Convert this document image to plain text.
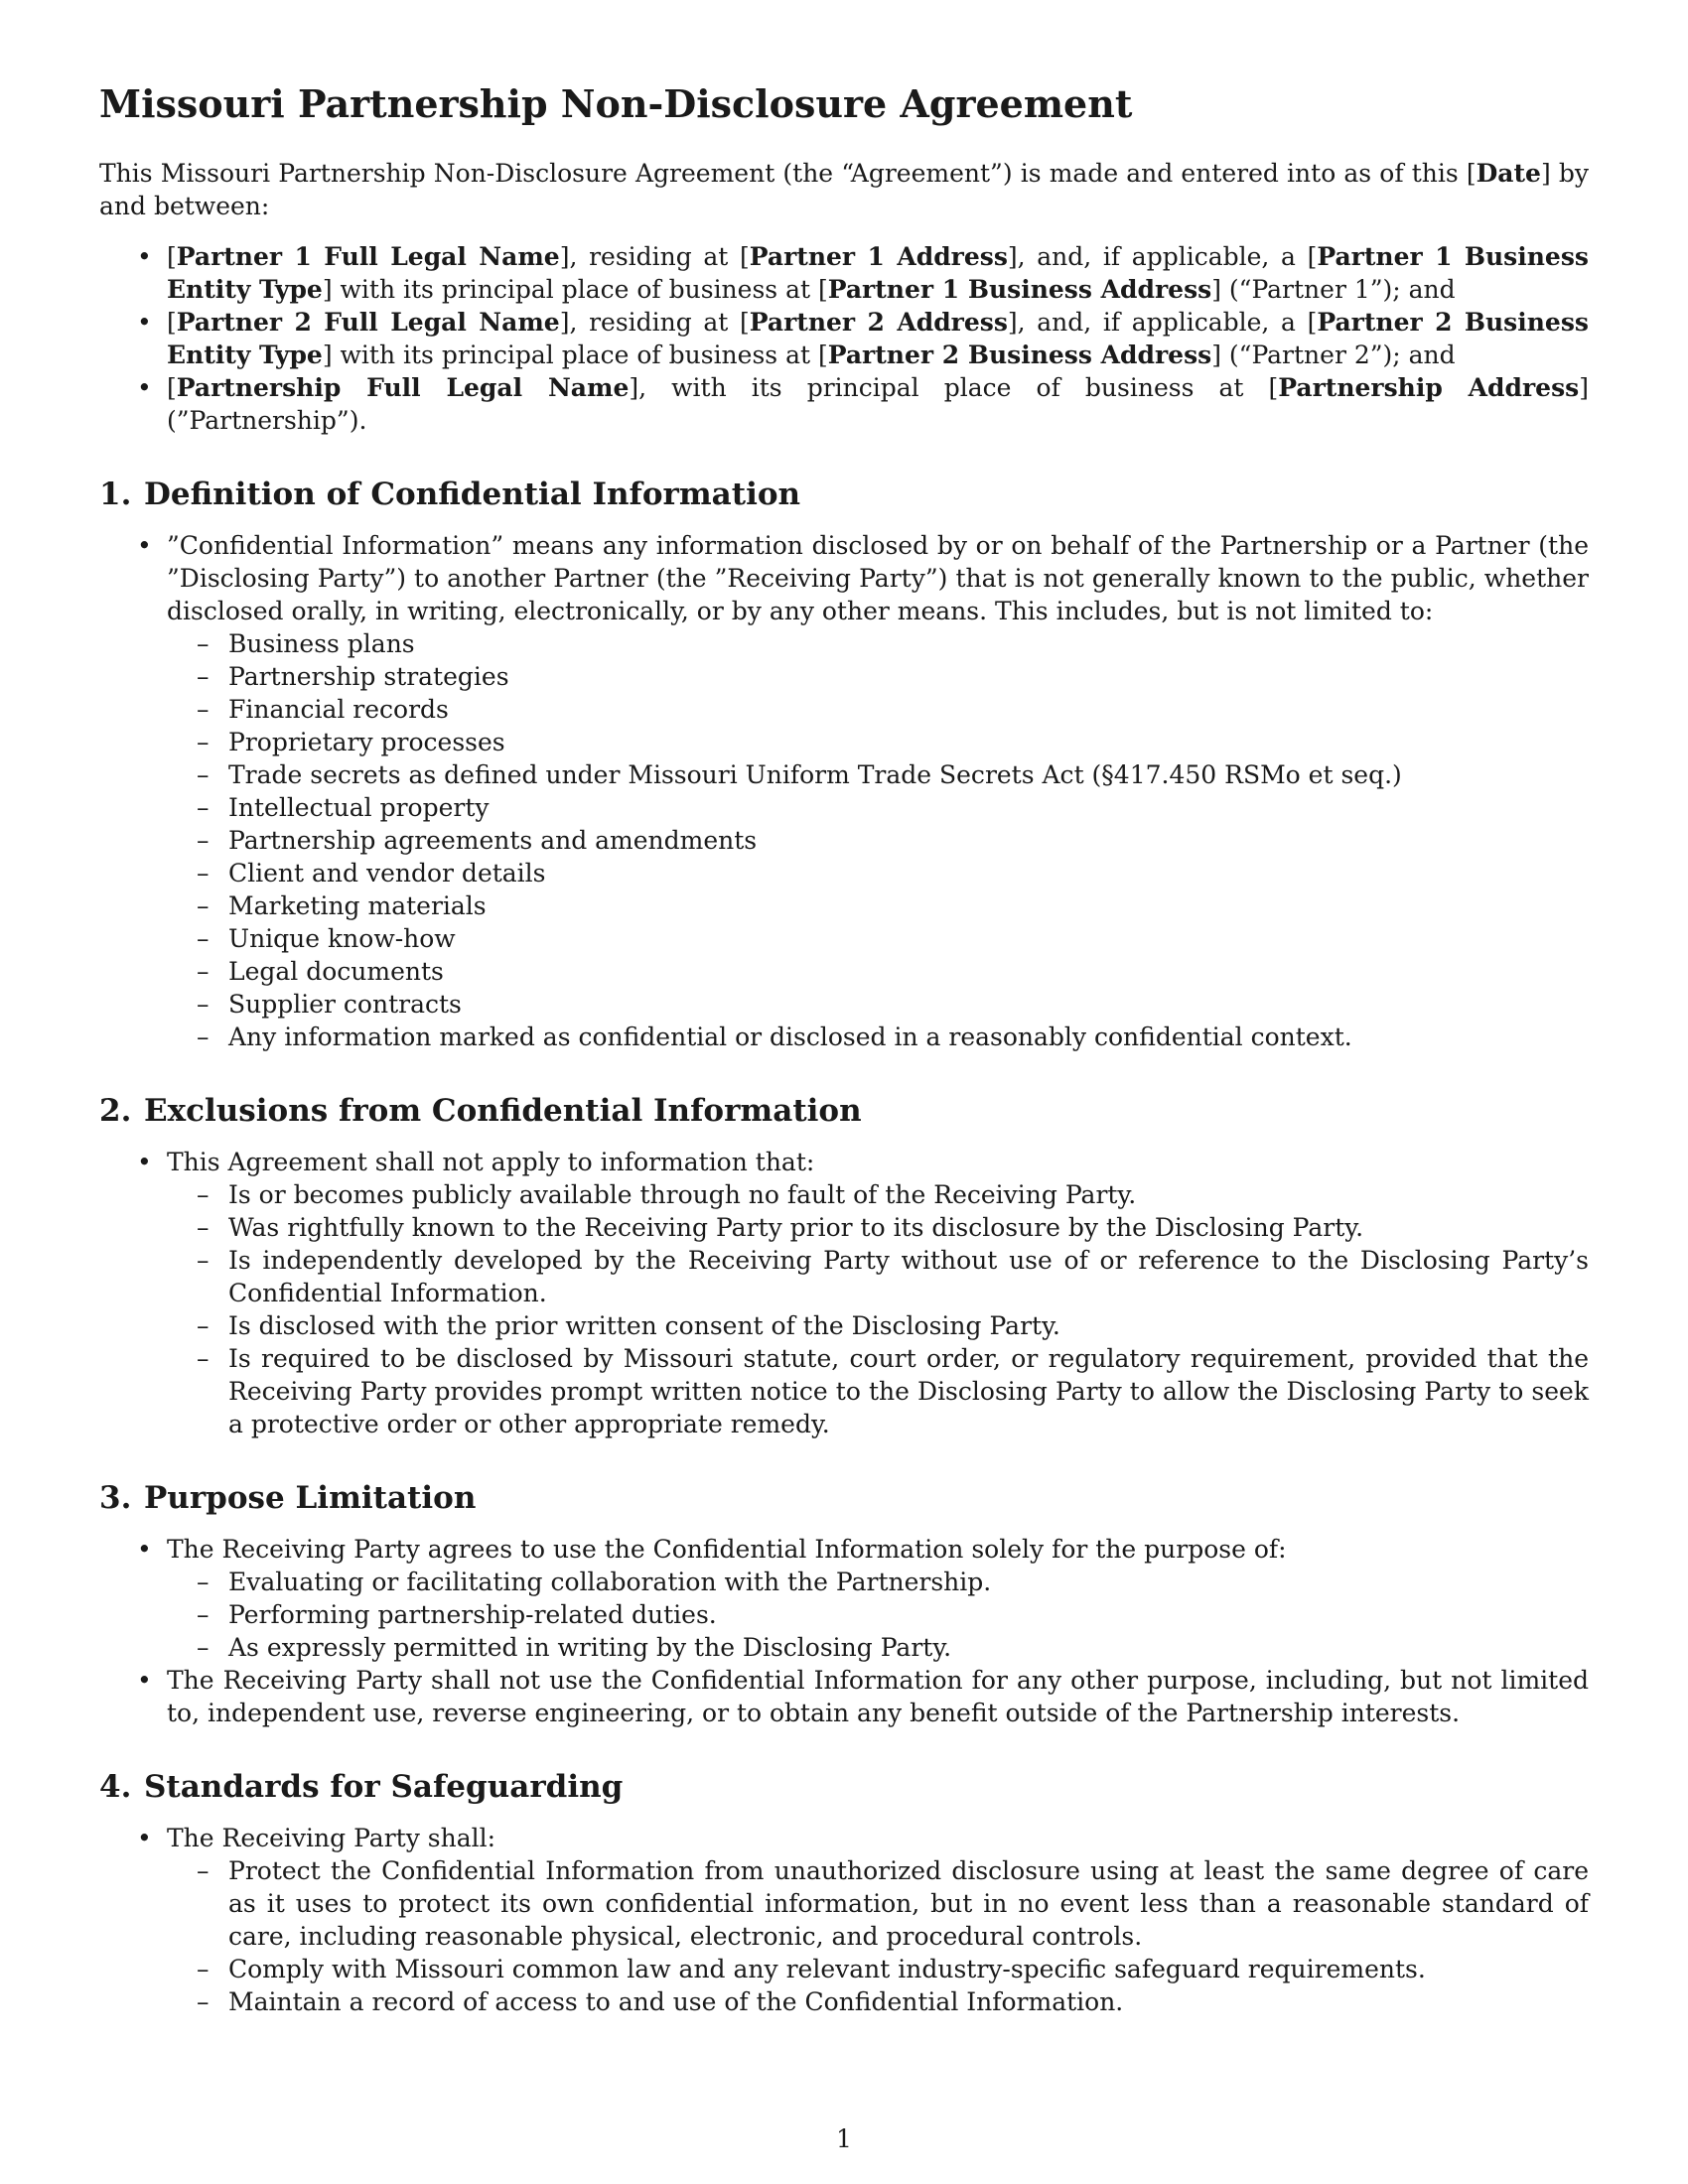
Missouri Partnership Non-Disclosure Agreement

This Missouri Partnership Non-Disclosure Agreement (the “Agreement”) is made and entered into as of this [Date] by and between:

• [Partner 1 Full Legal Name], residing at [Partner 1 Address], and, if applicable, a [Partner 1 Business Entity Type] with its principal place of business at [Partner 1 Business Address] (“Partner 1”); and
• [Partner 2 Full Legal Name], residing at [Partner 2 Address], and, if applicable, a [Partner 2 Business Entity Type] with its principal place of business at [Partner 2 Business Address] (“Partner 2”); and
• [Partnership Full Legal Name], with its principal place of business at [Partnership Address] (”Partnership”).
1. Definition of Confidential Information
• ”Confidential Information” means any information disclosed by or on behalf of the Partnership or a Partner (the ”Disclosing Party”) to another Partner (the ”Receiving Party”) that is not generally known to the public, whether disclosed orally, in writing, electronically, or by any other means. This includes, but is not limited to:
– Business plans
– Partnership strategies
– Financial records
– Proprietary processes
– Trade secrets as defined under Missouri Uniform Trade Secrets Act (§417.450 RSMo et seq.)
– Intellectual property
– Partnership agreements and amendments
– Client and vendor details
– Marketing materials
– Unique know-how
– Legal documents
– Supplier contracts
– Any information marked as confidential or disclosed in a reasonably confidential context.
2. Exclusions from Confidential Information
• This Agreement shall not apply to information that:
– Is or becomes publicly available through no fault of the Receiving Party.
– Was rightfully known to the Receiving Party prior to its disclosure by the Disclosing Party.
– Is independently developed by the Receiving Party without use of or reference to the Disclosing Party’s Confidential Information.
– Is disclosed with the prior written consent of the Disclosing Party.
– Is required to be disclosed by Missouri statute, court order, or regulatory requirement, provided that the Receiving Party provides prompt written notice to the Disclosing Party to allow the Disclosing Party to seek a protective order or other appropriate remedy.
3. Purpose Limitation
• The Receiving Party agrees to use the Confidential Information solely for the purpose of:
– Evaluating or facilitating collaboration with the Partnership.
– Performing partnership-related duties.
– As expressly permitted in writing by the Disclosing Party.
• The Receiving Party shall not use the Confidential Information for any other purpose, including, but not limited to, independent use, reverse engineering, or to obtain any benefit outside of the Partnership interests.
4. Standards for Safeguarding
• The Receiving Party shall:
– Protect the Confidential Information from unauthorized disclosure using at least the same degree of care as it uses to protect its own confidential information, but in no event less than a reasonable standard of care, including reasonable physical, electronic, and procedural controls.
– Comply with Missouri common law and any relevant industry-specific safeguard requirements.
– Maintain a record of access to and use of the Confidential Information.
1
